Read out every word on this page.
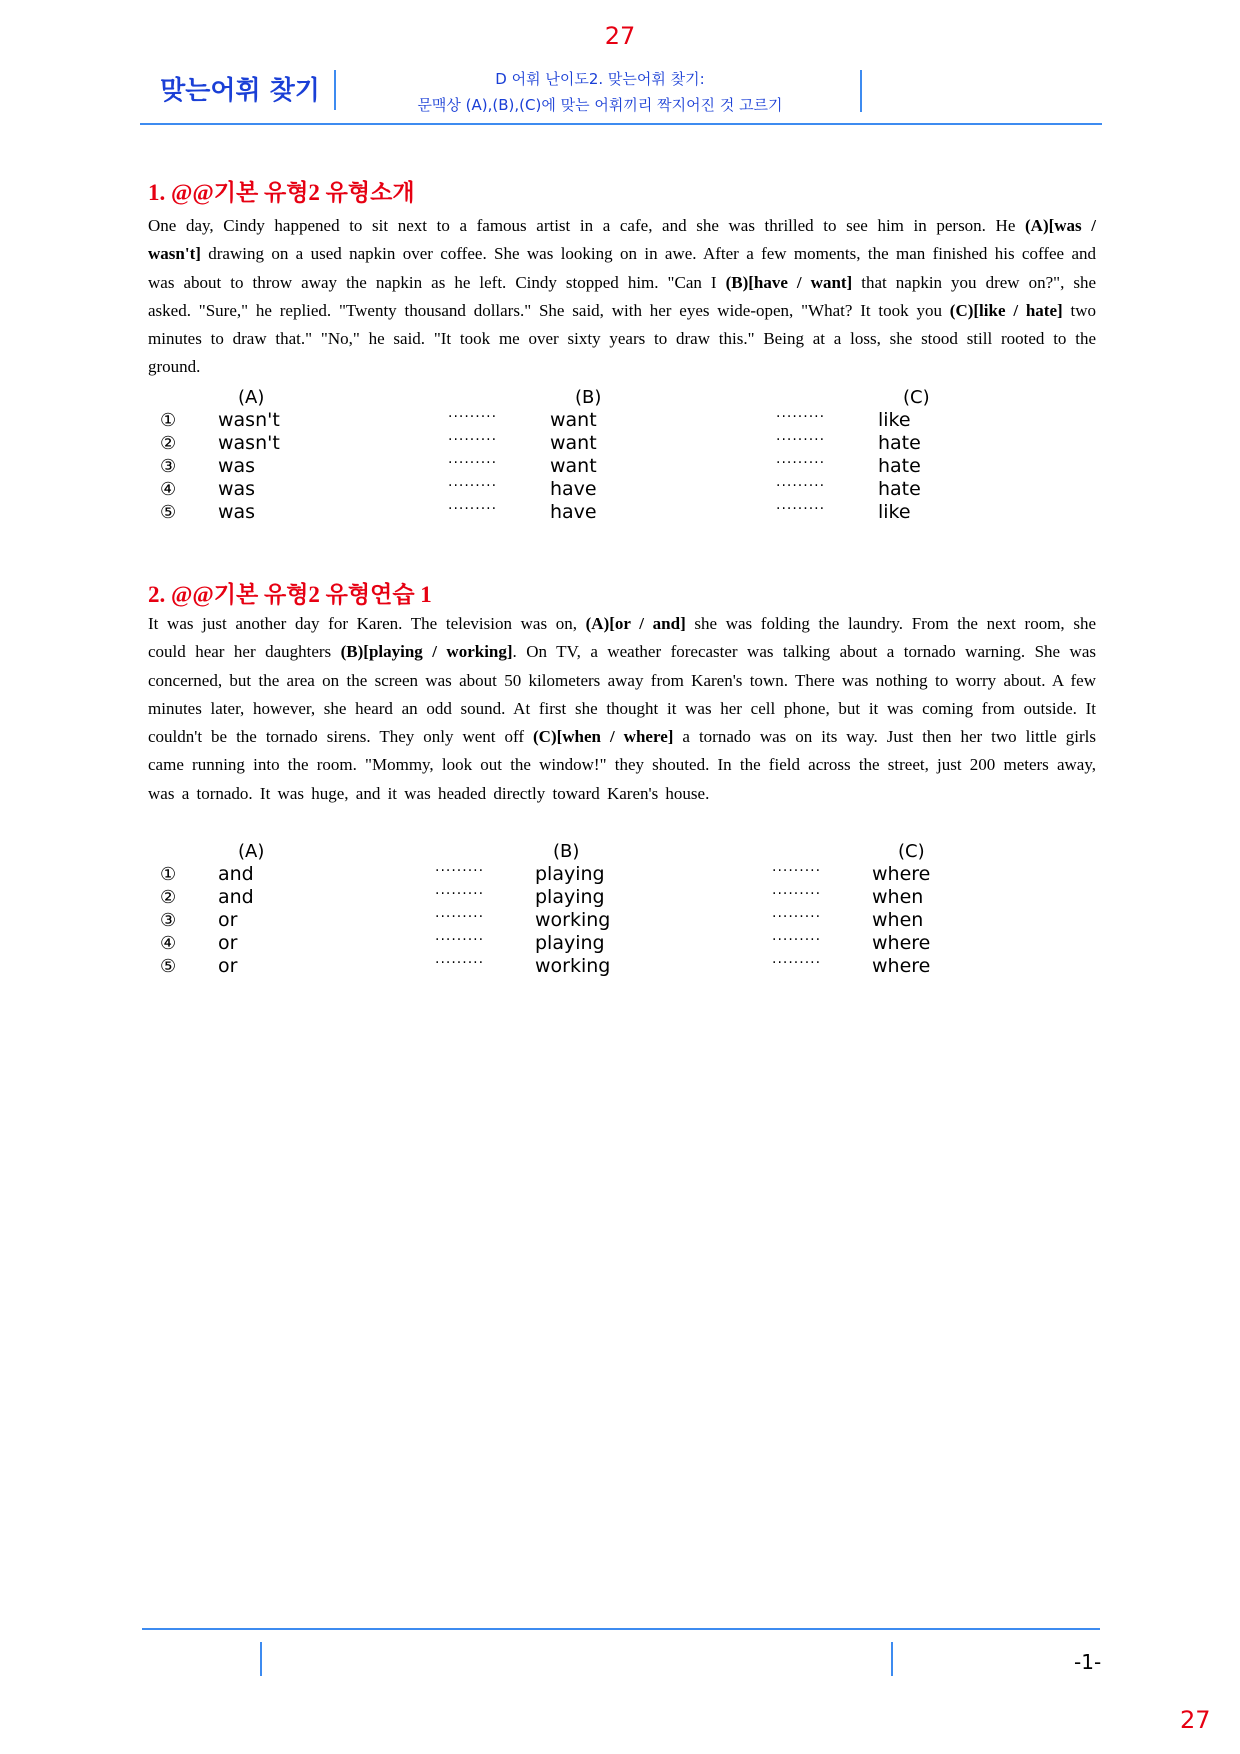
27
맞는어휘 찾기	D 어휘 난이도2. 맞는어휘 찾기:
문맥상 (A),(B),(C)에 맞는 어휘끼리 짝지어진 것 고르기
1. @@기본 유형2 유형소개
One day, Cindy happened to sit next to a famous artist in a cafe, and she was thrilled to see him in person. He (A)[was / wasn't] drawing on a used napkin over coffee. She was looking on in awe. After a few moments, the man finished his coffee and was about to throw away the napkin as he left. Cindy stopped him. "Can I (B)[have / want] that napkin you drew on?", she asked. "Sure," he replied. "Twenty thousand dollars." She said, with her eyes wide-open, "What? It took you (C)[like / hate] two minutes to draw that." "No," he said. "It took me over sixty years to draw this." Being at a loss, she stood still rooted to the ground.
(A)	(B)	(C)
① wasn't	·········	want	·········	like
② wasn't	·········	want	·········	hate
③ was	·········	want	·········	hate
④ was	·········	have	·········	hate
⑤ was	·········	have	·········	like
2. @@기본 유형2 유형연습 1
It was just another day for Karen. The television was on, (A)[or / and] she was folding the laundry. From the next room, she could hear her daughters (B)[playing / working]. On TV, a weather forecaster was talking about a tornado warning. She was concerned, but the area on the screen was about 50 kilometers away from Karen's town. There was nothing to worry about. A few minutes later, however, she heard an odd sound. At first she thought it was her cell phone, but it was coming from outside. It couldn't be the tornado sirens. They only went off (C)[when / where] a tornado was on its way. Just then her two little girls came running into the room. "Mommy, look out the window!" they shouted. In the field across the street, just 200 meters away, was a tornado. It was huge, and it was headed directly toward Karen's house.
(A)	(B)	(C)
① and	·········	playing	·········	where
② and	·········	playing	·········	when
③ or	·········	working	·········	when
④ or	·········	playing	·········	where
⑤ or	·········	working	·········	where
-1-
27
